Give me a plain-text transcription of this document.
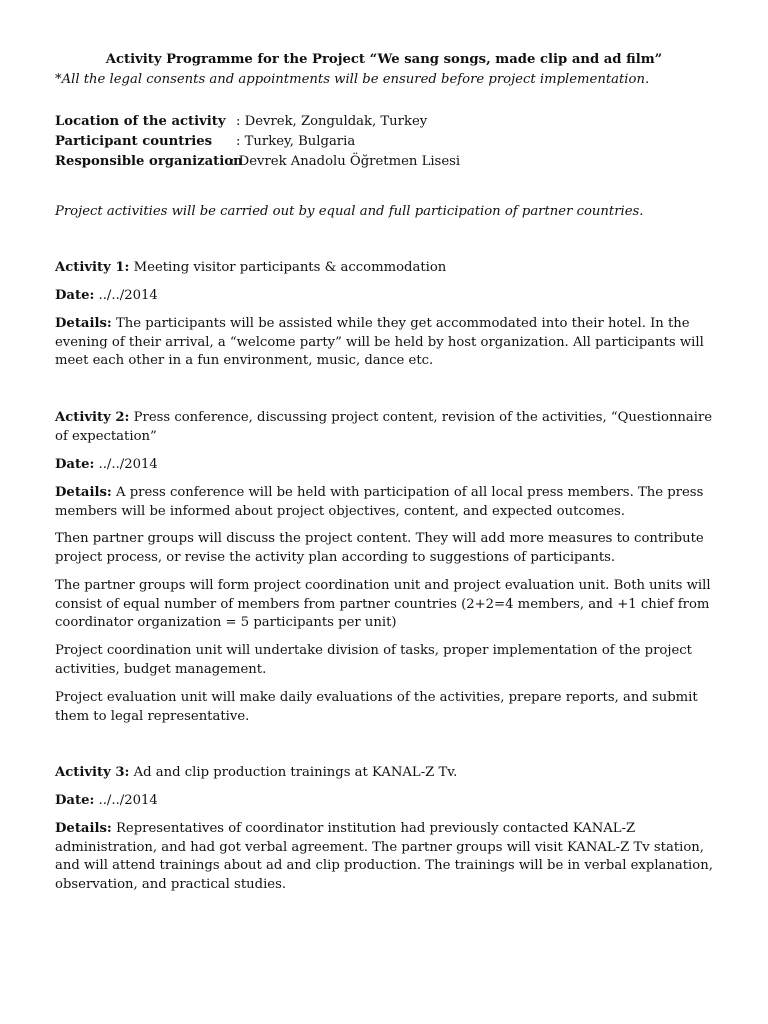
Activity Programme for the Project “We sang songs, made clip and ad film”

*All the legal consents and appointments will be ensured before project implementation.

Location of the activity : Devrek, Zonguldak, Turkey
Participant countries : Turkey, Bulgaria
Responsible organization
: Devrek Anadolu Öğretmen Lisesi

Project activities will be carried out by equal and full participation of partner countries.

Activity 1: Meeting visitor participants & accommodation

Date: ../../2014

Details: The participants will be assisted while they get accommodated into their hotel. In the evening of their arrival, a “welcome party” will be held by host organization. All participants will meet each other in a fun environment, music, dance etc.

Activity 2: Press conference, discussing project content, revision of the activities, “Questionnaire of expectation”

Date: ../../2014

Details: A press conference will be held with participation of all local press members. The press members will be informed about project objectives, content, and expected outcomes.

Then partner groups will discuss the project content. They will add more measures to contribute project process, or revise the activity plan according to suggestions of participants.

The partner groups will form project coordination unit and project evaluation unit. Both units will consist of equal number of members from partner countries (2+2=4 members, and +1 chief from coordinator organization = 5 participants per unit)

Project coordination unit will undertake division of tasks, proper implementation of the project activities, budget management.

Project evaluation unit will make daily evaluations of the activities, prepare reports, and submit them to legal representative.

Activity 3: Ad and clip production trainings at KANAL-Z Tv.

Date: ../../2014

Details: Representatives of coordinator institution had previously contacted KANAL-Z administration, and had got verbal agreement. The partner groups will visit KANAL-Z Tv station, and will attend trainings about ad and clip production. The trainings will be in verbal explanation, observation, and practical studies.
